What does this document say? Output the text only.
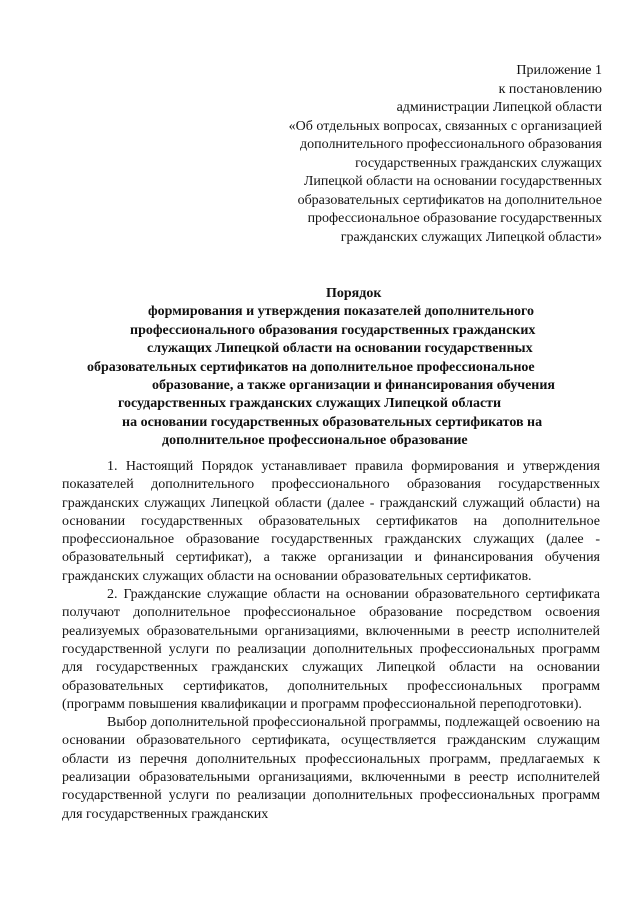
Приложение 1
к постановлению
администрации Липецкой области
«Об отдельных вопросах, связанных с организацией
дополнительного профессионального образования
государственных гражданских служащих
Липецкой области на основании государственных
образовательных сертификатов на дополнительное
профессиональное образование государственных
гражданских служащих Липецкой области»
Порядок
формирования и утверждения показателей дополнительного
профессионального образования государственных гражданских
служащих Липецкой области на основании государственных
образовательных сертификатов на дополнительное профессиональное
образование, а также организации и финансирования обучения
государственных гражданских служащих Липецкой области
на основании государственных образовательных сертификатов на
дополнительное профессиональное образование

1. Настоящий Порядок устанавливает правила формирования и утверждения показателей дополнительного профессионального образования государственных гражданских служащих Липецкой области (далее - гражданский служащий области) на основании государственных образовательных сертификатов на дополнительное профессиональное образование государственных гражданских служащих (далее - образовательный сертификат), а также организации и финансирования обучения гражданских служащих области на основании образовательных сертификатов.

2. Гражданские служащие области на основании образовательного сертификата получают дополнительное профессиональное образование посредством освоения реализуемых образовательными организациями, включенными в реестр исполнителей государственной услуги по реализации дополнительных профессиональных программ для государственных гражданских служащих Липецкой области на основании образовательных сертификатов, дополнительных профессиональных программ (программ повышения квалификации и программ профессиональной переподготовки).

Выбор дополнительной профессиональной программы, подлежащей освоению на основании образовательного сертификата, осуществляется гражданским служащим области из перечня дополнительных профессиональных программ, предлагаемых к реализации образовательными организациями, включенными в реестр исполнителей государственной услуги по реализации дополнительных профессиональных программ для государственных гражданских
